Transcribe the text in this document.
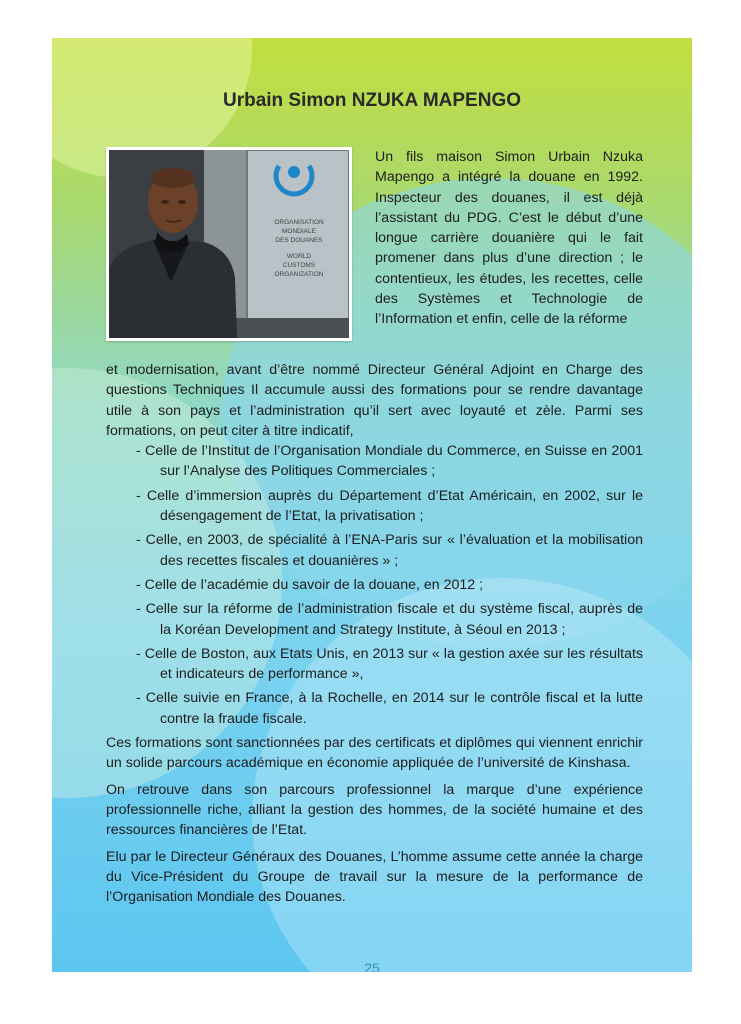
Urbain Simon NZUKA MAPENGO
ORGANISATION
MONDIALE
DES DOUANES
WORLD
CUSTOMS
ORGANIZATION

Un fils maison Simon Urbain Nzuka Mapengo a intégré la douane en 1992. Inspecteur des douanes, il est déjà l’assistant du PDG. C’est le début d’une longue carrière douanière qui le fait promener dans plus d’une direction ; le contentieux, les études, les recettes, celle des Systèmes et Technologie de l’Information et enfin, celle de la réforme

et modernisation, avant d’être nommé Directeur Général Adjoint en Charge des questions Techniques Il accumule aussi des formations pour se rendre davantage utile à son pays et l’administration qu’il sert avec loyauté et zèle. Parmi ses formations, on peut citer à titre indicatif,

- Celle de l’Institut de l’Organisation Mondiale du Commerce, en Suisse en 2001 sur l’Analyse des Politiques Commerciales ;
- Celle d’immersion auprès du Département d’Etat Américain, en 2002, sur le désengagement de l’Etat, la privatisation ;
- Celle, en 2003, de spécialité à l’ENA-Paris sur « l’évaluation et la mobilisation des recettes fiscales et douanières » ;
- Celle de l’académie du savoir de la douane, en 2012 ;
- Celle sur la réforme de l’administration fiscale et du système fiscal, auprès de la Koréan Development and Strategy Institute, à Séoul en 2013 ;
- Celle de Boston, aux Etats Unis, en 2013 sur « la gestion axée sur les résultats et indicateurs de performance »,
- Celle suivie en France, à la Rochelle, en 2014 sur le contrôle fiscal et la lutte contre la fraude fiscale.

Ces formations sont sanctionnées par des certificats et diplômes qui viennent enrichir un solide parcours académique en économie appliquée de l’université de Kinshasa.

On retrouve dans son parcours professionnel la marque d’une expérience professionnelle riche, alliant la gestion des hommes, de la société humaine et des ressources financières de l’Etat.

Elu par le Directeur Généraux des Douanes, L’homme assume cette année la charge du Vice-Président du Groupe de travail sur la mesure de la performance de l’Organisation Mondiale des Douanes.

25
